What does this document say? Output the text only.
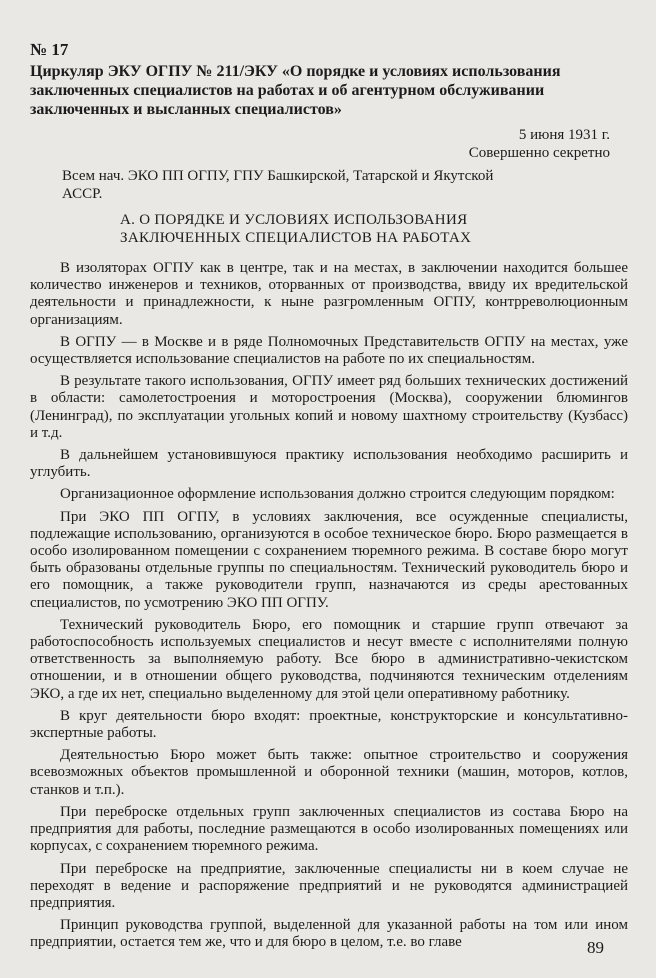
№ 17
Циркуляр ЭКУ ОГПУ № 211/ЭКУ «О порядке и условиях использования заключенных специалистов на работах и об агентурном обслуживании заключенных и высланных специалистов»
5 июня 1931 г.
Совершенно секретно
Всем нач. ЭКО ПП ОГПУ, ГПУ Башкирской, Татарской и Якутской АССР.
А. О ПОРЯДКЕ И УСЛОВИЯХ ИСПОЛЬЗОВАНИЯ ЗАКЛЮЧЕННЫХ СПЕЦИАЛИСТОВ НА РАБОТАХ

В изоляторах ОГПУ как в центре, так и на местах, в заключении находится большее количество инженеров и техников, оторванных от производства, ввиду их вредительской деятельности и принадлежности, к ныне разгромленным ОГПУ, контрреволюционным организациям.

В ОГПУ — в Москве и в ряде Полномочных Представительств ОГПУ на местах, уже осуществляется использование специалистов на работе по их специальностям.

В результате такого использования, ОГПУ имеет ряд больших технических достижений в области: самолетостроения и моторостроения (Москва), сооружении блюмингов (Ленинград), по эксплуатации угольных копий и новому шахтному строительству (Кузбасс) и т.д.

В дальнейшем установившуюся практику использования необходимо расширить и углубить.

Организационное оформление использования должно строится следующим порядком:

При ЭКО ПП ОГПУ, в условиях заключения, все осужденные специалисты, подлежащие использованию, организуются в особое техническое бюро. Бюро размещается в особо изолированном помещении с сохранением тюремного режима. В составе бюро могут быть образованы отдельные группы по специальностям. Технический руководитель бюро и его помощник, а также руководители групп, назначаются из среды арестованных специалистов, по усмотрению ЭКО ПП ОГПУ.

Технический руководитель Бюро, его помощник и старшие групп отвечают за работоспособность используемых специалистов и несут вместе с исполнителями полную ответственность за выполняемую работу. Все бюро в административно-чекистском отношении, и в отношении общего руководства, подчиняются техническим отделениям ЭКО, а где их нет, специально выделенному для этой цели оперативному работнику.

В круг деятельности бюро входят: проектные, конструкторские и консультативно-экспертные работы.

Деятельностью Бюро может быть также: опытное строительство и сооружения всевозможных объектов промышленной и оборонной техники (машин, моторов, котлов, станков и т.п.).

При переброске отдельных групп заключенных специалистов из состава Бюро на предприятия для работы, последние размещаются в особо изолированных помещениях или корпусах, с сохранением тюремного режима.

При переброске на предприятие, заключенные специалисты ни в коем случае не переходят в ведение и распоряжение предприятий и не руководятся администрацией предприятия.

Принцип руководства группой, выделенной для указанной работы на том или ином предприятии, остается тем же, что и для бюро в целом, т.е. во главе	89
